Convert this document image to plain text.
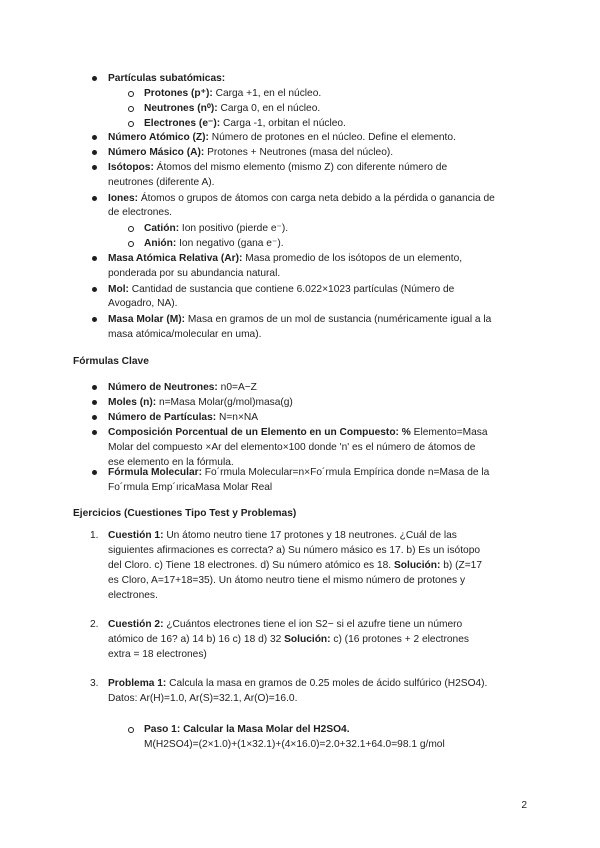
Partículas subatómicas:
Protones (p⁺): Carga +1, en el núcleo.
Neutrones (n⁰): Carga 0, en el núcleo.
Electrones (e⁻): Carga -1, orbitan el núcleo.
Número Atómico (Z): Número de protones en el núcleo. Define el elemento.
Número Másico (A): Protones + Neutrones (masa del núcleo).
Isótopos: Átomos del mismo elemento (mismo Z) con diferente número de
neutrones (diferente A).
Iones: Átomos o grupos de átomos con carga neta debido a la pérdida o ganancia de
de electrones.
Catión: Ion positivo (pierde e⁻).
Anión: Ion negativo (gana e⁻).
Masa Atómica Relativa (Ar): Masa promedio de los isótopos de un elemento,
ponderada por su abundancia natural.
Mol: Cantidad de sustancia que contiene 6.022×1023 partículas (Número de
Avogadro, NA).
Masa Molar (M): Masa en gramos de un mol de sustancia (numéricamente igual a la
masa atómica/molecular en uma).
Fórmulas Clave
Número de Neutrones: n0=A−Z
Moles (n): n=Masa Molar(g/mol)masa(g)
Número de Partículas: N=n×NA
Composición Porcentual de un Elemento en un Compuesto: % Elemento=Masa
Molar del compuesto ×Ar del elemento×100 donde 'n' es el número de átomos de
ese elemento en la fórmula.
Fórmula Molecular: Fo´rmula Molecular=n×Fo´rmula Empírica donde n=Masa de la
Fo´rmula Emp´ıricaMasa Molar Real
Ejercicios (Cuestiones Tipo Test y Problemas)
1. Cuestión 1: Un átomo neutro tiene 17 protones y 18 neutrones. ¿Cuál de las
siguientes afirmaciones es correcta? a) Su número másico es 17. b) Es un isótopo
del Cloro. c) Tiene 18 electrones. d) Su número atómico es 18. Solución: b) (Z=17
es Cloro, A=17+18=35). Un átomo neutro tiene el mismo número de protones y
electrones.
2. Cuestión 2: ¿Cuántos electrones tiene el ion S2− si el azufre tiene un número
atómico de 16? a) 14 b) 16 c) 18 d) 32 Solución: c) (16 protones + 2 electrones
extra = 18 electrones)
3. Problema 1: Calcula la masa en gramos de 0.25 moles de ácido sulfúrico (H2SO4).
Datos: Ar(H)=1.0, Ar(S)=32.1, Ar(O)=16.0.
Paso 1: Calcular la Masa Molar del H2SO4.
M(H2SO4)=(2×1.0)+(1×32.1)+(4×16.0)=2.0+32.1+64.0=98.1 g/mol
2
